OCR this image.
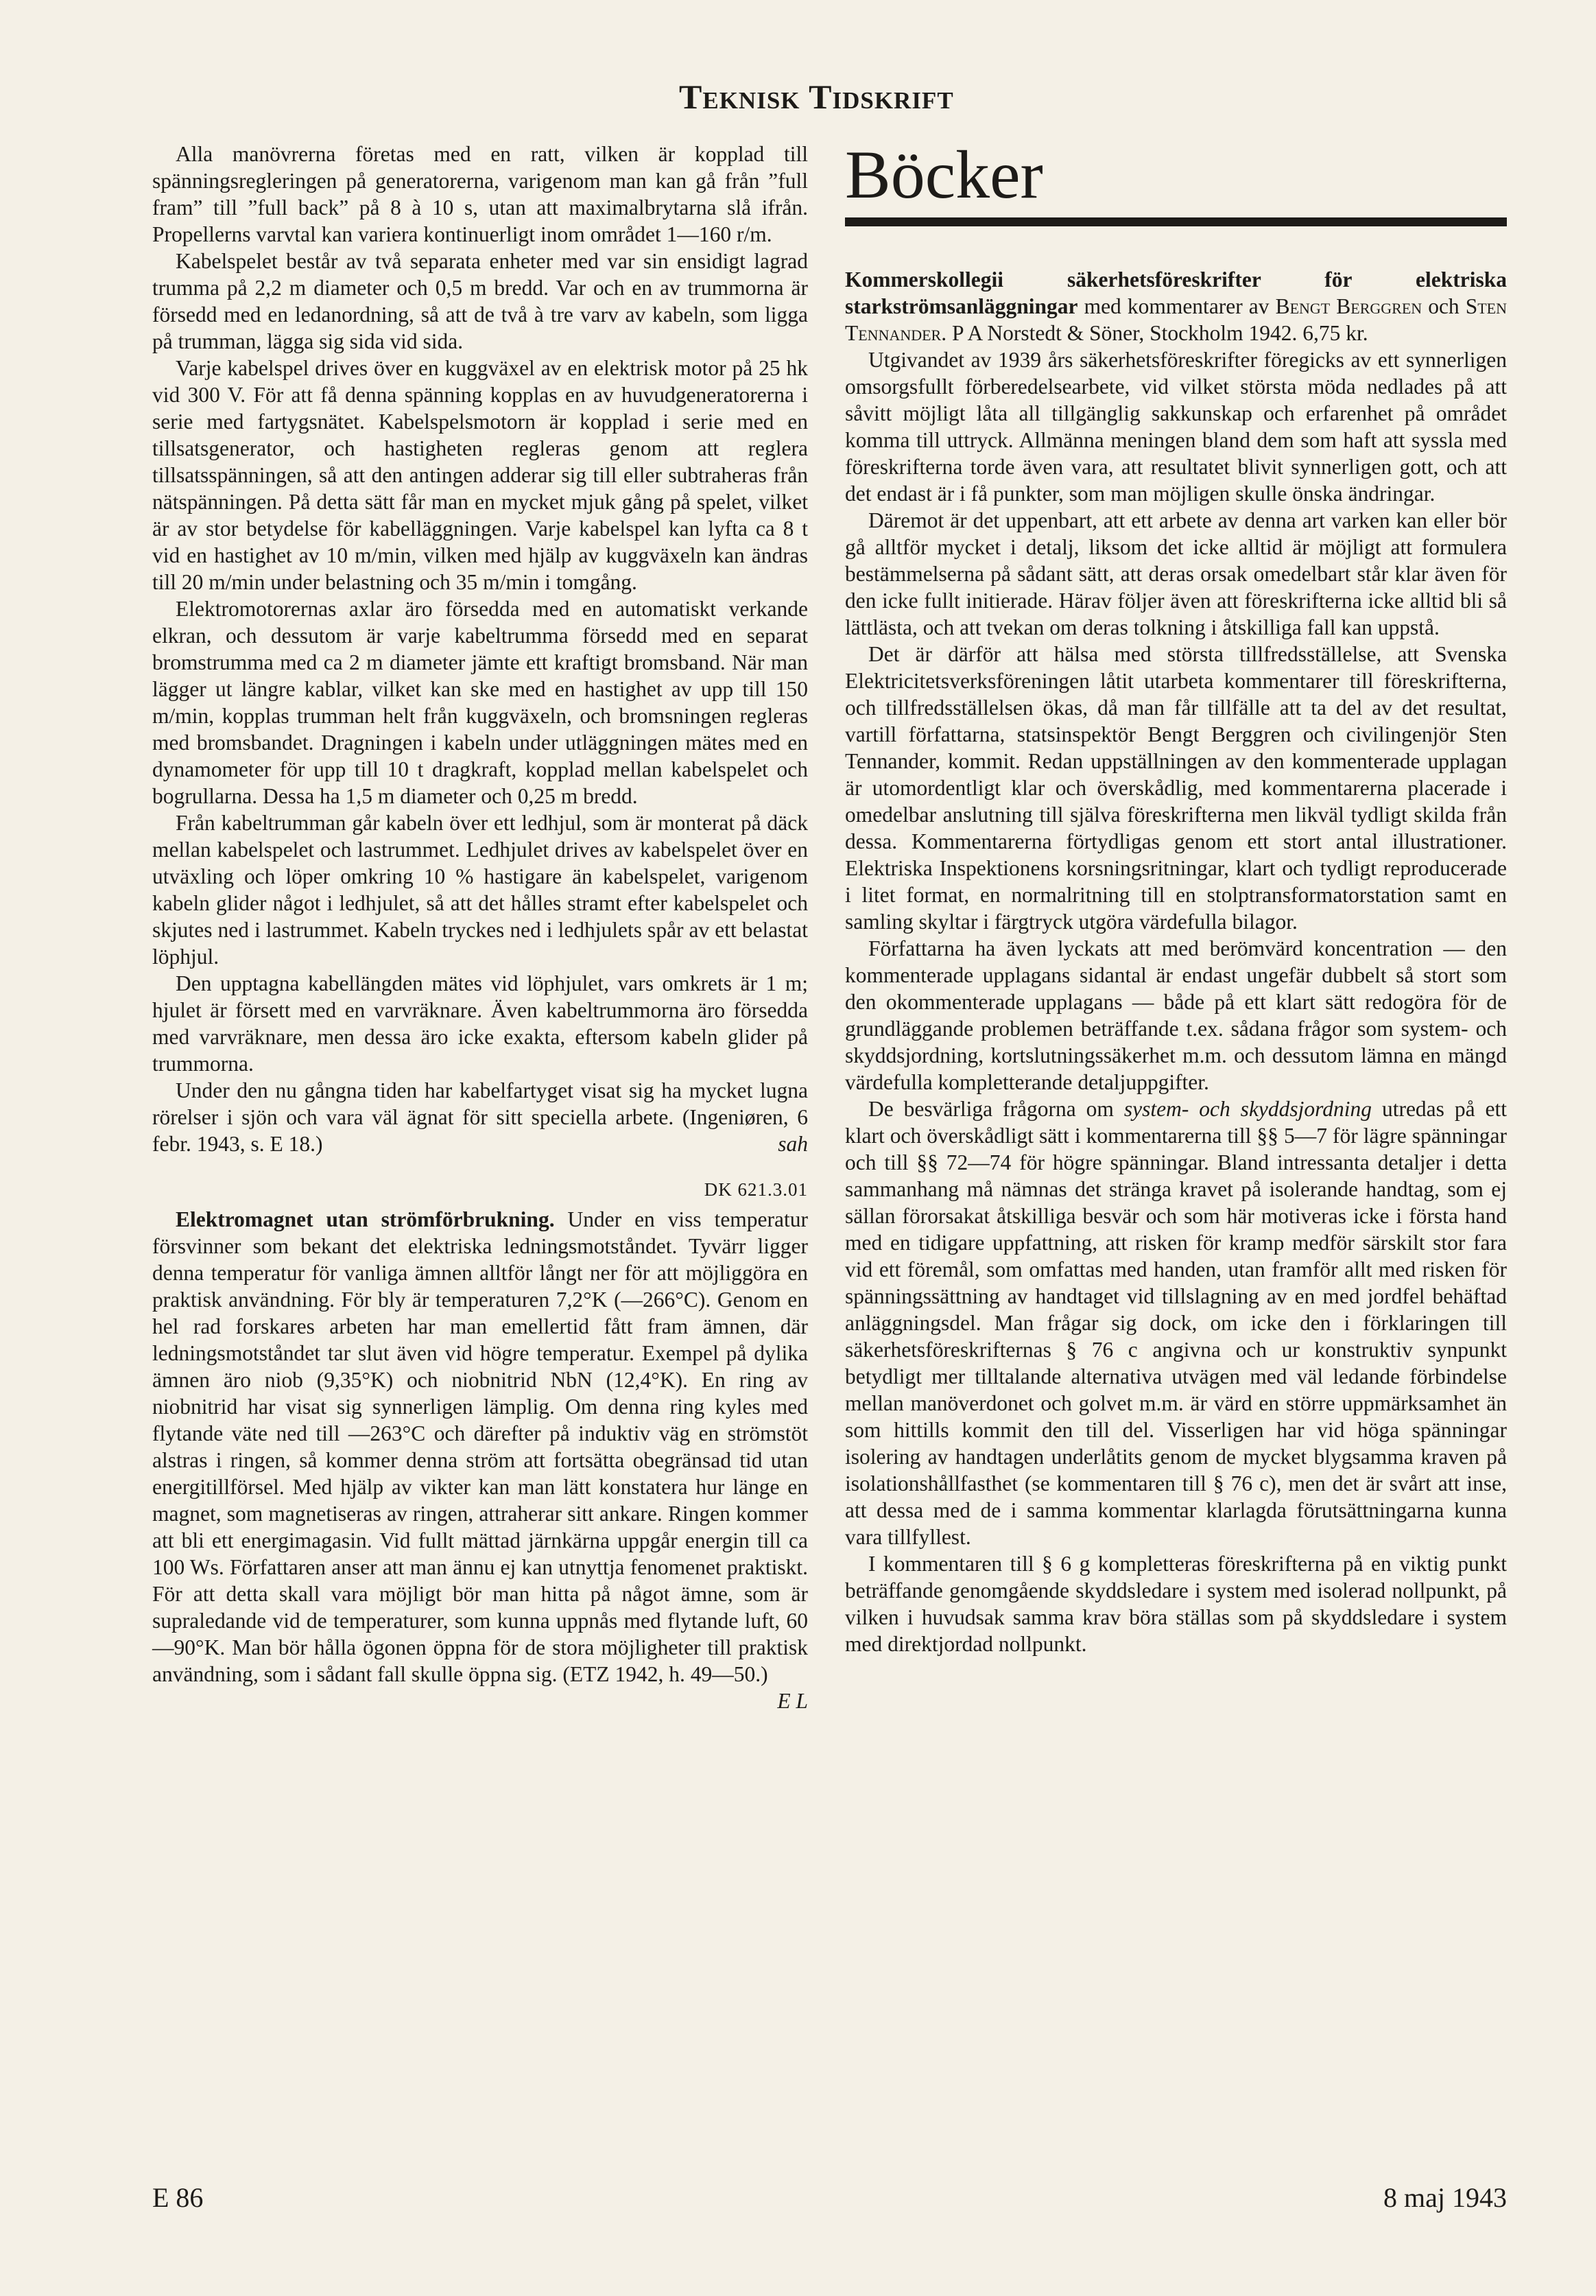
Teknisk Tidskrift

Alla manövrerna företas med en ratt, vilken är kopplad till spänningsregleringen på generatorerna, varigenom man kan gå från ”full fram” till ”full back” på 8 à 10 s, utan att maximalbrytarna slå ifrån. Propellerns varvtal kan variera kontinuerligt inom området 1—160 r/m.

Kabelspelet består av två separata enheter med var sin ensidigt lagrad trumma på 2,2 m diameter och 0,5 m bredd. Var och en av trummorna är försedd med en ledanordning, så att de två à tre varv av kabeln, som ligga på trumman, lägga sig sida vid sida.

Varje kabelspel drives över en kuggväxel av en elektrisk motor på 25 hk vid 300 V. För att få denna spänning kopplas en av huvudgeneratorerna i serie med fartygsnätet. Kabelspelsmotorn är kopplad i serie med en tillsatsgenerator, och hastigheten regleras genom att reglera tillsatsspänningen, så att den antingen adderar sig till eller subtraheras från nätspänningen. På detta sätt får man en mycket mjuk gång på spelet, vilket är av stor betydelse för kabelläggningen. Varje kabelspel kan lyfta ca 8 t vid en hastighet av 10 m/min, vilken med hjälp av kuggväxeln kan ändras till 20 m/min under belastning och 35 m/min i tomgång.

Elektromotorernas axlar äro försedda med en automatiskt verkande elkran, och dessutom är varje kabeltrumma försedd med en separat bromstrumma med ca 2 m diameter jämte ett kraftigt bromsband. När man lägger ut längre kablar, vilket kan ske med en hastighet av upp till 150 m/min, kopplas trumman helt från kuggväxeln, och bromsningen regleras med bromsbandet. Dragningen i kabeln under utläggningen mätes med en dynamometer för upp till 10 t dragkraft, kopplad mellan kabelspelet och bogrullarna. Dessa ha 1,5 m diameter och 0,25 m bredd.

Från kabeltrumman går kabeln över ett ledhjul, som är monterat på däck mellan kabelspelet och lastrummet. Ledhjulet drives av kabelspelet över en utväxling och löper omkring 10 % hastigare än kabelspelet, varigenom kabeln glider något i ledhjulet, så att det hålles stramt efter kabelspelet och skjutes ned i lastrummet. Kabeln tryckes ned i ledhjulets spår av ett belastat löphjul.

Den upptagna kabellängden mätes vid löphjulet, vars omkrets är 1 m; hjulet är försett med en varvräknare. Även kabeltrummorna äro försedda med varvräknare, men dessa äro icke exakta, eftersom kabeln glider på trummorna.

Under den nu gångna tiden har kabelfartyget visat sig ha mycket lugna rörelser i sjön och vara väl ägnat för sitt speciella arbete. (Ingeniøren, 6 febr. 1943, s. E 18.)	sah

DK 621.3.01

Elektromagnet utan strömförbrukning. Under en viss temperatur försvinner som bekant det elektriska ledningsmotståndet. Tyvärr ligger denna temperatur för vanliga ämnen alltför långt ner för att möjliggöra en praktisk användning. För bly är temperaturen 7,2°K (—266°C). Genom en hel rad forskares arbeten har man emellertid fått fram ämnen, där ledningsmotståndet tar slut även vid högre temperatur. Exempel på dylika ämnen äro niob (9,35°K) och niobnitrid NbN (12,4°K). En ring av niobnitrid har visat sig synnerligen lämplig. Om denna ring kyles med flytande väte ned till —263°C och därefter på induktiv väg en strömstöt alstras i ringen, så kommer denna ström att fortsätta obegränsad tid utan energitillförsel. Med hjälp av vikter kan man lätt konstatera hur länge en magnet, som magnetiseras av ringen, attraherar sitt ankare. Ringen kommer att bli ett energimagasin. Vid fullt mättad järnkärna uppgår energin till ca 100 Ws. Författaren anser att man ännu ej kan utnyttja fenomenet praktiskt. För att detta skall vara möjligt bör man hitta på något ämne, som är supraledande vid de temperaturer, som kunna uppnås med flytande luft, 60—90°K. Man bör hålla ögonen öppna för de stora möjligheter till praktisk användning, som i sådant fall skulle öppna sig. (ETZ 1942, h. 49—50.)
E L

Böcker

Kommerskollegii säkerhetsföreskrifter för elektriska starkströmsanläggningar med kommentarer av Bengt Berggren och Sten Tennander. P A Norstedt & Söner, Stockholm 1942. 6,75 kr.

Utgivandet av 1939 års säkerhetsföreskrifter föregicks av ett synnerligen omsorgsfullt förberedelsearbete, vid vilket största möda nedlades på att såvitt möjligt låta all tillgänglig sakkunskap och erfarenhet på området komma till uttryck. Allmänna meningen bland dem som haft att syssla med föreskrifterna torde även vara, att resultatet blivit synnerligen gott, och att det endast är i få punkter, som man möjligen skulle önska ändringar.

Däremot är det uppenbart, att ett arbete av denna art varken kan eller bör gå alltför mycket i detalj, liksom det icke alltid är möjligt att formulera bestämmelserna på sådant sätt, att deras orsak omedelbart står klar även för den icke fullt initierade. Härav följer även att föreskrifterna icke alltid bli så lättlästa, och att tvekan om deras tolkning i åtskilliga fall kan uppstå.

Det är därför att hälsa med största tillfredsställelse, att Svenska Elektricitetsverksföreningen låtit utarbeta kommentarer till föreskrifterna, och tillfredsställelsen ökas, då man får tillfälle att ta del av det resultat, vartill författarna, statsinspektör Bengt Berggren och civilingenjör Sten Tennander, kommit. Redan uppställningen av den kommenterade upplagan är utomordentligt klar och överskådlig, med kommentarerna placerade i omedelbar anslutning till själva föreskrifterna men likväl tydligt skilda från dessa. Kommentarerna förtydligas genom ett stort antal illustrationer. Elektriska Inspektionens korsningsritningar, klart och tydligt reproducerade i litet format, en normalritning till en stolptransformatorstation samt en samling skyltar i färgtryck utgöra värdefulla bilagor.

Författarna ha även lyckats att med berömvärd koncentration — den kommenterade upplagans sidantal är endast ungefär dubbelt så stort som den okommenterade upplagans — både på ett klart sätt redogöra för de grundläggande problemen beträffande t.ex. sådana frågor som system- och skyddsjordning, kortslutningssäkerhet m.m. och dessutom lämna en mängd värdefulla kompletterande detaljuppgifter.

De besvärliga frågorna om system- och skyddsjordning utredas på ett klart och överskådligt sätt i kommentarerna till §§ 5—7 för lägre spänningar och till §§ 72—74 för högre spänningar. Bland intressanta detaljer i detta sammanhang må nämnas det stränga kravet på isolerande handtag, som ej sällan förorsakat åtskilliga besvär och som här motiveras icke i första hand med en tidigare uppfattning, att risken för kramp medför särskilt stor fara vid ett föremål, som omfattas med handen, utan framför allt med risken för spänningssättning av handtaget vid tillslagning av en med jordfel behäftad anläggningsdel. Man frågar sig dock, om icke den i förklaringen till säkerhetsföreskrifternas § 76 c angivna och ur konstruktiv synpunkt betydligt mer tilltalande alternativa utvägen med väl ledande förbindelse mellan manöverdonet och golvet m.m. är värd en större uppmärksamhet än som hittills kommit den till del. Visserligen har vid höga spänningar isolering av handtagen underlåtits genom de mycket blygsamma kraven på isolationshållfasthet (se kommentaren till § 76 c), men det är svårt att inse, att dessa med de i samma kommentar klarlagda förutsättningarna kunna vara tillfyllest.

I kommentaren till § 6 g kompletteras föreskrifterna på en viktig punkt beträffande genomgående skyddsledare i system med isolerad nollpunkt, på vilken i huvudsak samma krav böra ställas som på skyddsledare i system med direktjordad nollpunkt.

E 86	8 maj 1943
